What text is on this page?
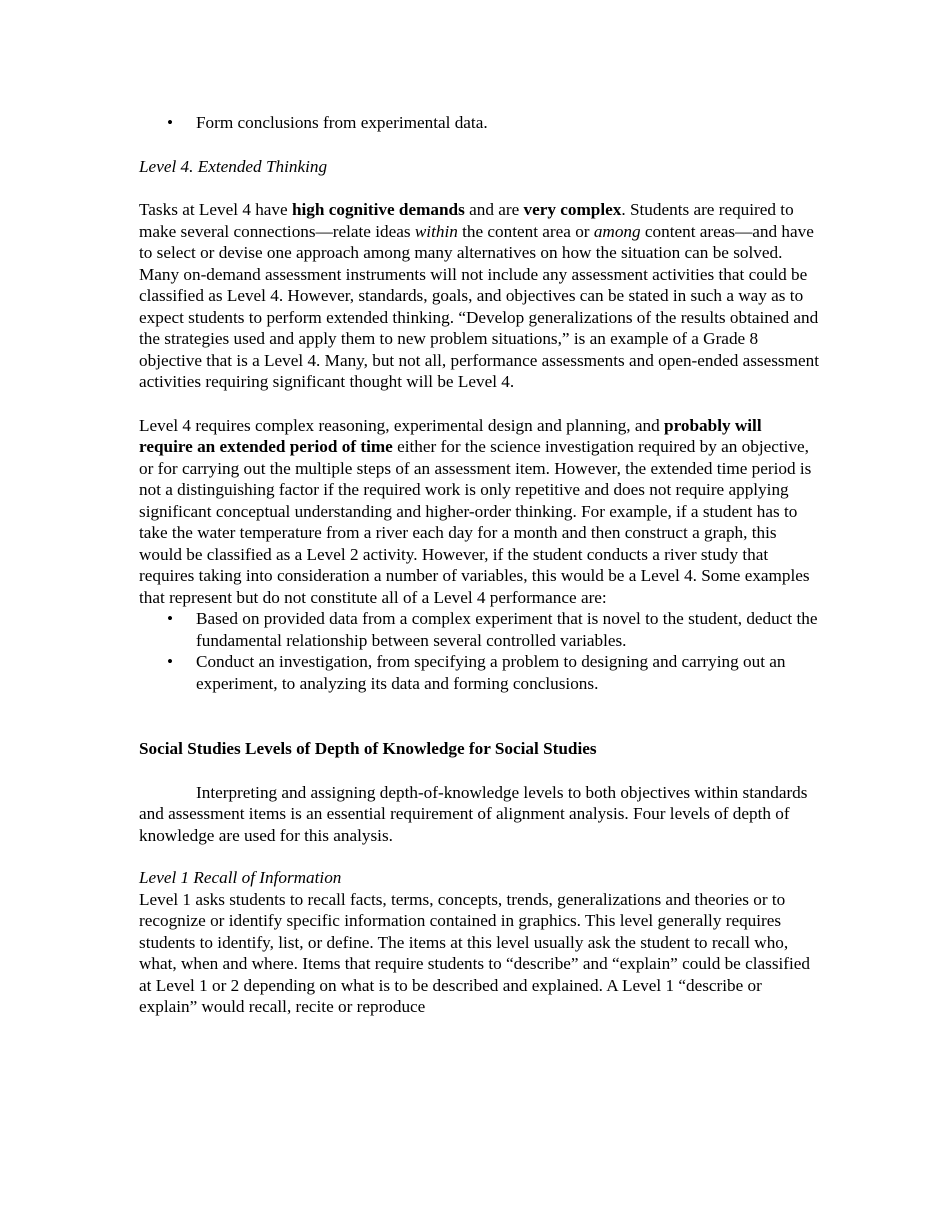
• Form conclusions from experimental data.

Level 4. Extended Thinking

Tasks at Level 4 have high cognitive demands and are very complex. Students are required to make several connections—relate ideas within the content area or among content areas—and have to select or devise one approach among many alternatives on how the situation can be solved. Many on-demand assessment instruments will not include any assessment activities that could be classified as Level 4. However, standards, goals, and objectives can be stated in such a way as to expect students to perform extended thinking. “Develop generalizations of the results obtained and the strategies used and apply them to new problem situations,” is an example of a Grade 8 objective that is a Level 4. Many, but not all, performance assessments and open-ended assessment activities requiring significant thought will be Level 4.

Level 4 requires complex reasoning, experimental design and planning, and probably will require an extended period of time either for the science investigation required by an objective, or for carrying out the multiple steps of an assessment item. However, the extended time period is not a distinguishing factor if the required work is only repetitive and does not require applying significant conceptual understanding and higher-order thinking. For example, if a student has to take the water temperature from a river each day for a month and then construct a graph, this would be classified as a Level 2 activity. However, if the student conducts a river study that requires taking into consideration a number of variables, this would be a Level 4. Some examples that represent but do not constitute all of a Level 4 performance are:

• Based on provided data from a complex experiment that is novel to the student, deduct the fundamental relationship between several controlled variables.
• Conduct an investigation, from specifying a problem to designing and carrying out an experiment, to analyzing its data and forming conclusions.

Social Studies Levels of Depth of Knowledge for Social Studies

Interpreting and assigning depth-of-knowledge levels to both objectives within standards and assessment items is an essential requirement of alignment analysis. Four levels of depth of knowledge are used for this analysis.

Level 1 Recall of Information

Level 1 asks students to recall facts, terms, concepts, trends, generalizations and theories or to recognize or identify specific information contained in graphics. This level generally requires students to identify, list, or define. The items at this level usually ask the student to recall who, what, when and where. Items that require students to “describe” and “explain” could be classified at Level 1 or 2 depending on what is to be described and explained. A Level 1 “describe or explain” would recall, recite or reproduce
